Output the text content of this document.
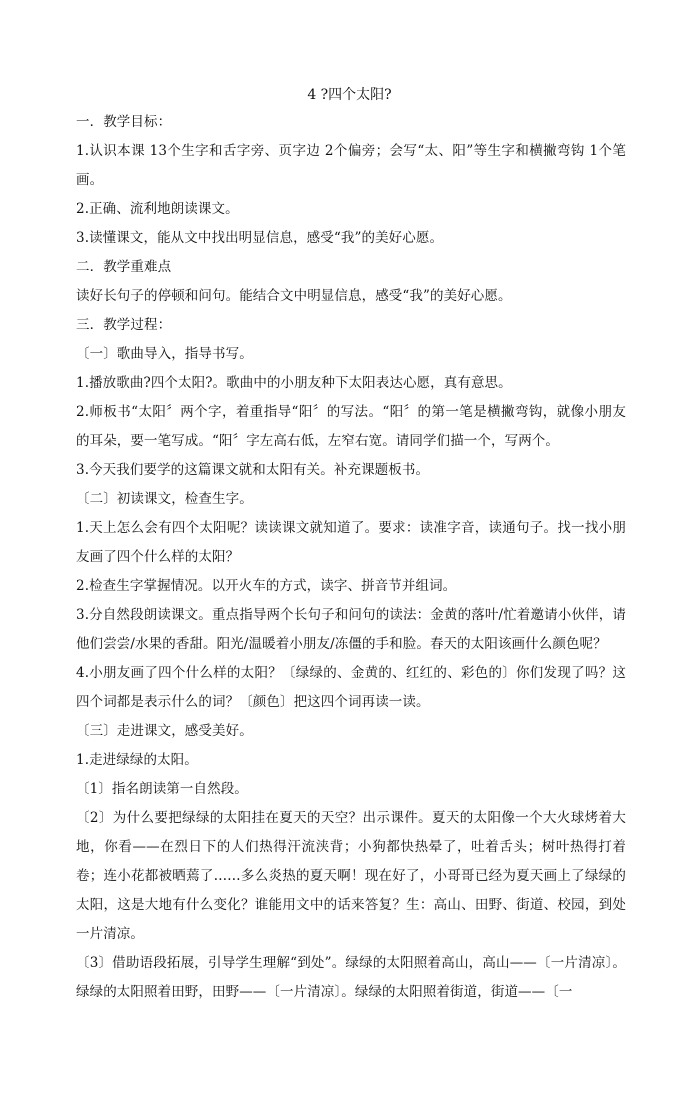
4 ?四个太阳?

一．教学目标：

1.认识本课 13个生字和舌字旁、页字边 2个偏旁；会写“太、阳”等生字和横撇弯钩 1个笔画。

2.正确、流利地朗读课文。

3.读懂课文，能从文中找出明显信息，感受“我”的美好心愿。

二．教学重难点

读好长句子的停顿和问句。能结合文中明显信息，感受“我”的美好心愿。

三．教学过程：

〔一〕歌曲导入，指导书写。

1.播放歌曲?四个太阳?。歌曲中的小朋友种下太阳表达心愿，真有意思。

2.师板书“太阳〞两个字，着重指导“阳〞的写法。“阳〞的第一笔是横撇弯钩，就像小朋友的耳朵，要一笔写成。“阳〞字左高右低，左窄右宽。请同学们描一个，写两个。

3.今天我们要学的这篇课文就和太阳有关。补充课题板书。

〔二〕初读课文，检查生字。

1.天上怎么会有四个太阳呢？读读课文就知道了。要求：读准字音，读通句子。找一找小朋友画了四个什么样的太阳？

2.检查生字掌握情况。以开火车的方式，读字、拼音节并组词。

3.分自然段朗读课文。重点指导两个长句子和问句的读法：金黄的落叶/忙着邀请小伙伴，请他们尝尝/水果的香甜。阳光/温暖着小朋友/冻僵的手和脸。春天的太阳该画什么颜色呢？

4.小朋友画了四个什么样的太阳？〔绿绿的、金黄的、红红的、彩色的〕你们发现了吗？这四个词都是表示什么的词？〔颜色〕把这四个词再读一读。

〔三〕走进课文，感受美好。

1.走进绿绿的太阳。

〔1〕指名朗读第一自然段。

〔2〕为什么要把绿绿的太阳挂在夏天的天空？出示课件。夏天的太阳像一个大火球烤着大地，你看——在烈日下的人们热得汗流浃背；小狗都快热晕了，吐着舌头；树叶热得打着卷；连小花都被晒蔫了……多么炎热的夏天啊！现在好了，小哥哥已经为夏天画上了绿绿的太阳，这是大地有什么变化？谁能用文中的话来答复？生：高山、田野、街道、校园，到处一片清凉。

〔3〕借助语段拓展，引导学生理解“到处”。绿绿的太阳照着高山，高山——〔一片清凉〕。绿绿的太阳照着田野，田野——〔一片清凉〕。绿绿的太阳照着街道，街道——〔一
